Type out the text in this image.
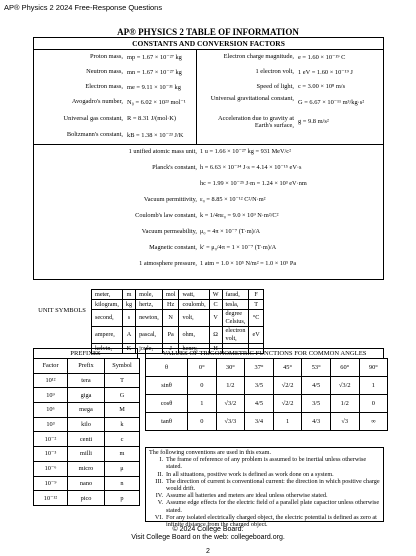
AP® Physics 2 2024 Free-Response Questions
AP® PHYSICS 2 TABLE OF INFORMATION
CONSTANTS AND CONVERSION FACTORS
Proton mass, mp = 1.67 × 10⁻²⁷ kg
Neutron mass, mn = 1.67 × 10⁻²⁷ kg
Electron mass, me = 9.11 × 10⁻³¹ kg
Avogadro's number, N₀ = 6.02 × 10²³ mol⁻¹
Universal gas constant, R = 8.31 J/(mol·K)
Boltzmann's constant, kB = 1.38 × 10⁻²³ J/K
Electron charge magnitude, e = 1.60 × 10⁻¹⁹ C
1 electron volt, 1 eV = 1.60 × 10⁻¹⁹ J
Speed of light, c = 3.00 × 10⁸ m/s
Universal gravitational constant,
G = 6.67 × 10⁻¹¹ m³/kg·s²
Acceleration due to gravity at Earth's surface,
g = 9.8 m/s²
1 unified atomic mass unit, 1 u = 1.66 × 10⁻²⁷ kg = 931 MeV/c²
Planck's constant, h = 6.63 × 10⁻³⁴ J·s = 4.14 × 10⁻¹⁵ eV·s
hc = 1.99 × 10⁻²⁵ J·m = 1.24 × 10³ eV·nm
Vacuum permittivity, ε₀ = 8.85 × 10⁻¹² C²/N·m²
Coulomb's law constant, k = 1/4πε₀ = 9.0 × 10⁹ N·m²/C²
Vacuum permeability, μ₀ = 4π × 10⁻⁷ (T·m)/A
Magnetic constant, k′ = μ₀/4π = 1 × 10⁻⁷ (T·m)/A
1 atmosphere pressure, 1 atm = 1.0 × 10⁵ N/m² = 1.0 × 10⁵ Pa
UNIT SYMBOLS
meter,	m	mole,	mol	watt,	W	farad,	F
kilogram,	kg	hertz,	Hz	coulomb,	C	tesla,	T
second,	s	newton,	N	volt,	V	degree Celsius,	°C
ampere,	A	pascal,	Pa	ohm,	Ω	electron volt,	eV
kelvin,	K	joule,	J	henry,	H		
PREFIXES
Factor	Prefix	Symbol
10¹²	tera	T
10⁹	giga	G
10⁶	mega	M
10³	kilo	k
10⁻²	centi	c
10⁻³	milli	m
10⁻⁶	micro	μ
10⁻⁹	nano	n
10⁻¹²	pico	p
VALUES OF TRIGONOMETRIC FUNCTIONS FOR COMMON ANGLES
θ	0°	30°	37°	45°	53°	60°	90°
sinθ	0	1/2	3/5	√2/2	4/5	√3/2	1
cosθ	1	√3/2	4/5	√2/2	3/5	1/2	0
tanθ	0	√3/3	3/4	1	4/3	√3	∞
The following conventions are used in this exam.
I. The frame of reference of any problem is assumed to be inertial unless otherwise stated.
II. In all situations, positive work is defined as work done on a system.
III. The direction of current is conventional current: the direction in which positive charge would drift.
IV. Assume all batteries and meters are ideal unless otherwise stated.
V. Assume edge effects for the electric field of a parallel plate capacitor unless otherwise stated.
VI. For any isolated electrically charged object, the electric potential is defined as zero at infinite distance from the charged object.
© 2024 College Board.
Visit College Board on the web: collegeboard.org.
2
